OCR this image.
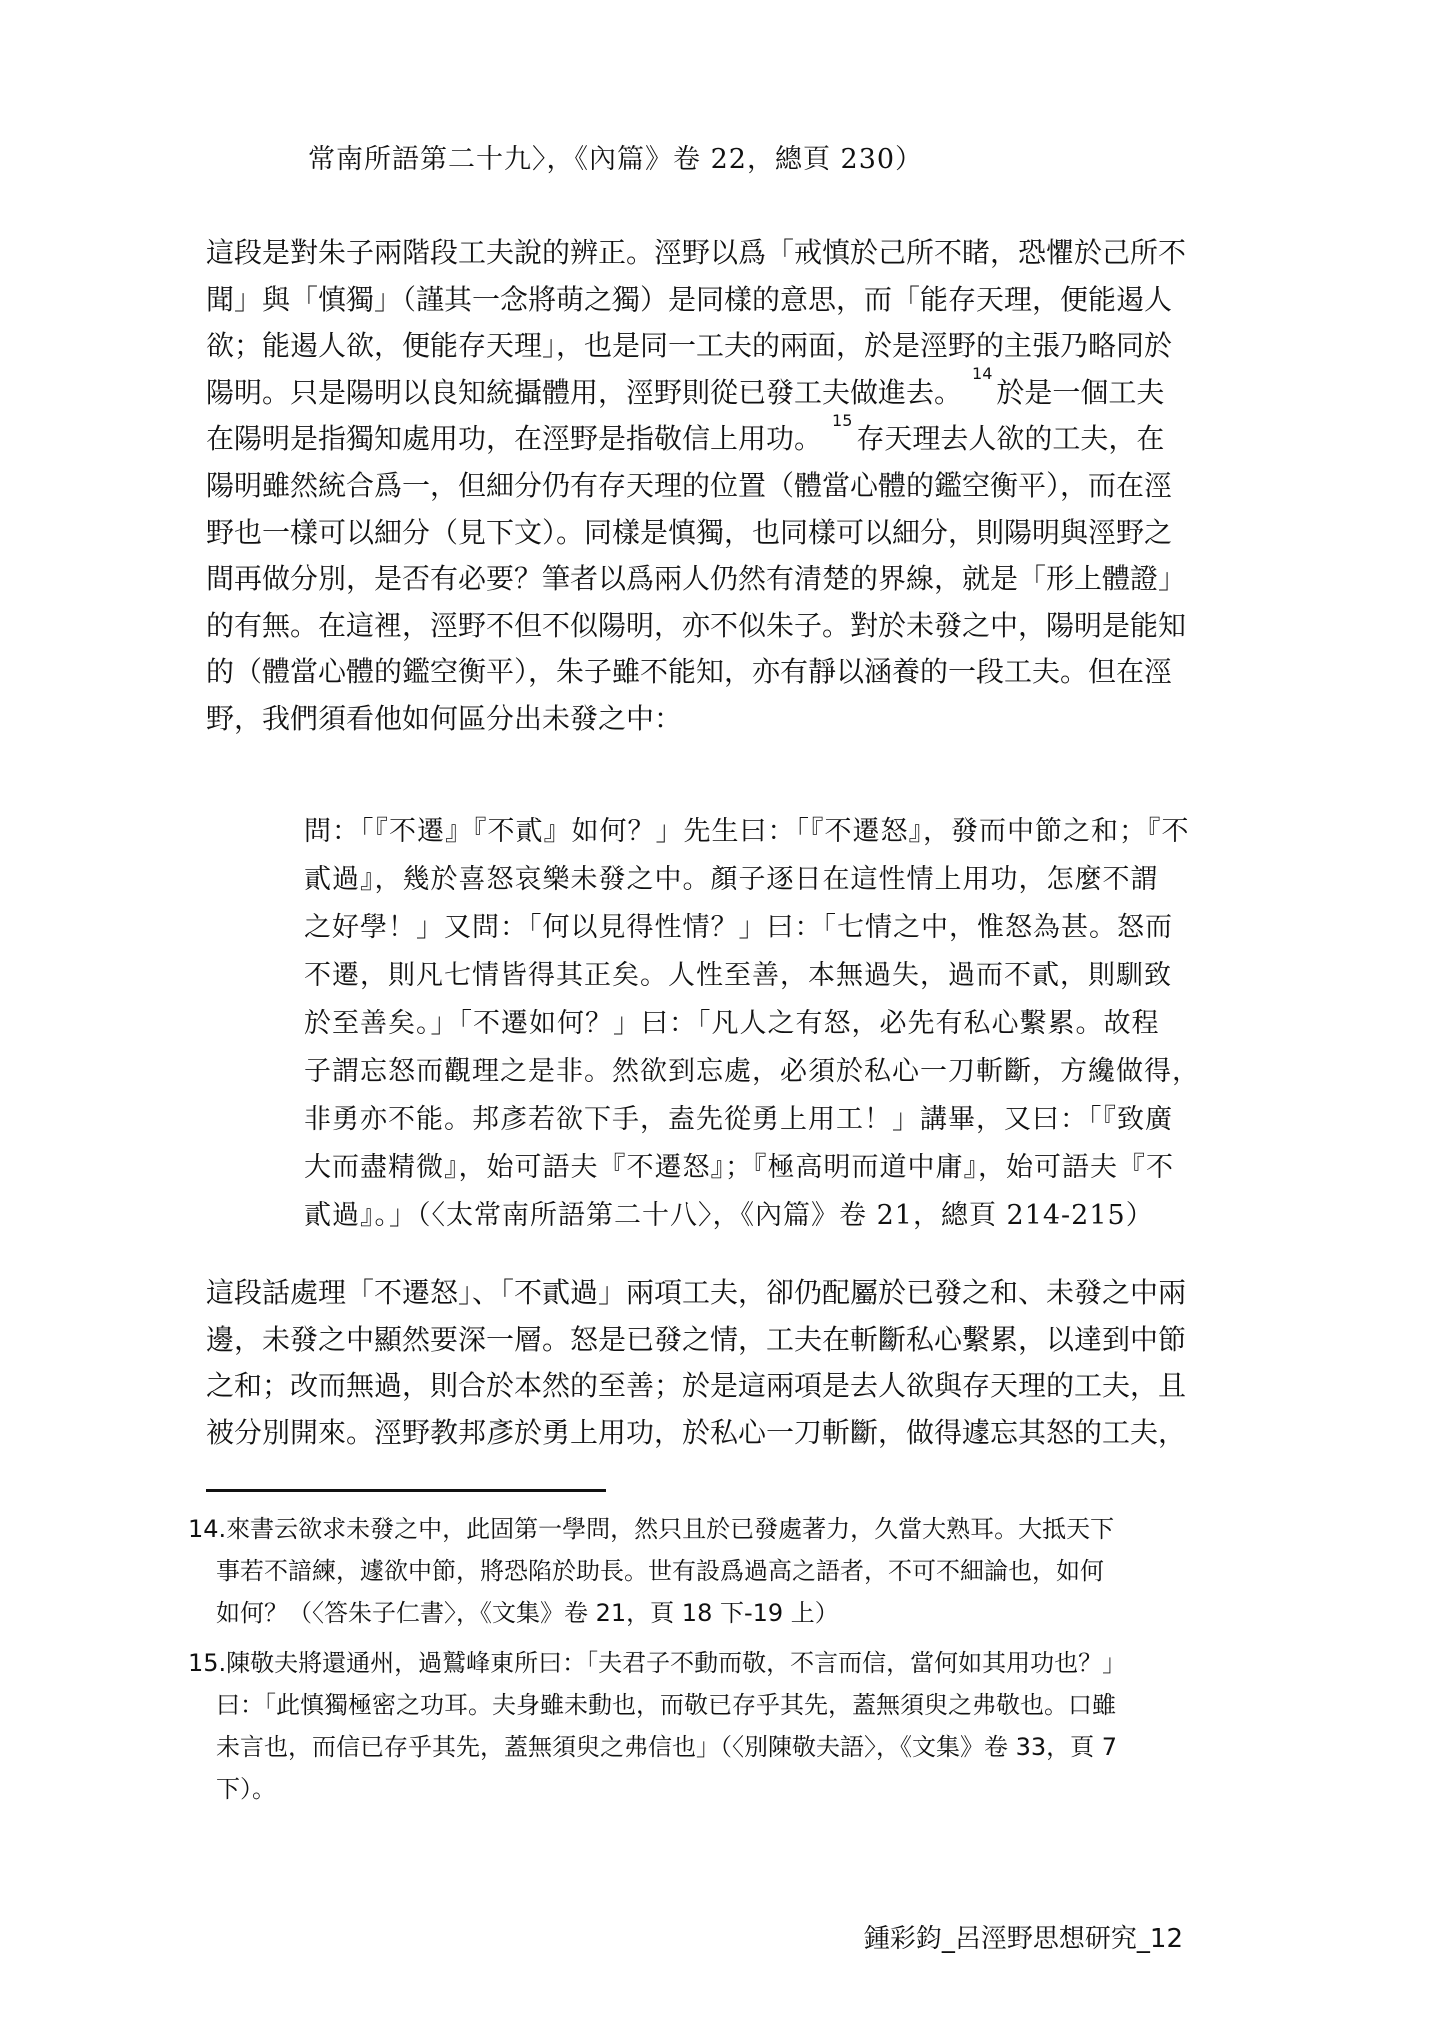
常南所語第二十九〉，《內篇》卷 22，總頁 230）
這段是對朱子兩階段工夫說的辨正。涇野以爲「戒慎於己所不睹，恐懼於己所不
聞」與「慎獨」（謹其一念將萌之獨）是同樣的意思，而「能存天理，便能遏人
欲；能遏人欲，便能存天理」，也是同一工夫的兩面，於是涇野的主張乃略同於
陽明。只是陽明以良知統攝體用，涇野則從已發工夫做進去。$^{14}$於是一個工夫
在陽明是指獨知處用功，在涇野是指敬信上用功。$^{15}$存天理去人欲的工夫，在
陽明雖然統合爲一，但細分仍有存天理的位置（體當心體的鑑空衡平），而在涇
野也一樣可以細分（見下文）。同樣是慎獨，也同樣可以細分，則陽明與涇野之
間再做分別，是否有必要？筆者以爲兩人仍然有清楚的界線，就是「形上體證」
的有無。在這裡，涇野不但不似陽明，亦不似朱子。對於未發之中，陽明是能知
的（體當心體的鑑空衡平），朱子雖不能知，亦有靜以涵養的一段工夫。但在涇
野，我們須看他如何區分出未發之中：
問：「『不遷』『不貳』如何？」先生曰：「『不遷怒』，發而中節之和；『不
貳過』，幾於喜怒哀樂未發之中。顏子逐日在這性情上用功，怎麼不謂
之好學！」又問：「何以見得性情？」曰：「七情之中，惟怒為甚。怒而
不遷，則凡七情皆得其正矣。人性至善，本無過失，過而不貳，則馴致
於至善矣。」「不遷如何？」曰：「凡人之有怒，必先有私心繫累。故程
子謂忘怒而觀理之是非。然欲到忘處，必須於私心一刀斬斷，方纔做得，
非勇亦不能。邦彥若欲下手，盍先從勇上用工！」講畢，又曰：「『致廣
大而盡精微』，始可語夫『不遷怒』；『極高明而道中庸』，始可語夫『不
貳過』。」（〈太常南所語第二十八〉，《內篇》卷 21，總頁 214-215）
這段話處理「不遷怒」、「不貳過」兩項工夫，卻仍配屬於已發之和、未發之中兩
邊，未發之中顯然要深一層。怒是已發之情，工夫在斬斷私心繫累，以達到中節
之和；改而無過，則合於本然的至善；於是這兩項是去人欲與存天理的工夫，且
被分別開來。涇野教邦彥於勇上用功，於私心一刀斬斷，做得遽忘其怒的工夫，
14.來書云欲求未發之中，此固第一學問，然只且於已發處著力，久當大熟耳。大抵天下
事若不諳練，遽欲中節，將恐陷於助長。世有設爲過高之語者，不可不細論也，如何
如何？（〈答朱子仁書〉，《文集》卷 21，頁 18 下-19 上）
15.陳敬夫將還通州，過鷲峰東所曰：「夫君子不動而敬，不言而信，當何如其用功也？」
曰：「此慎獨極密之功耳。夫身雖未動也，而敬已存乎其先，蓋無須臾之弗敬也。口雖
未言也，而信已存乎其先，蓋無須臾之弗信也」（〈別陳敬夫語〉，《文集》卷 33，頁 7
下）。
鍾彩鈞_呂涇野思想研究_12
